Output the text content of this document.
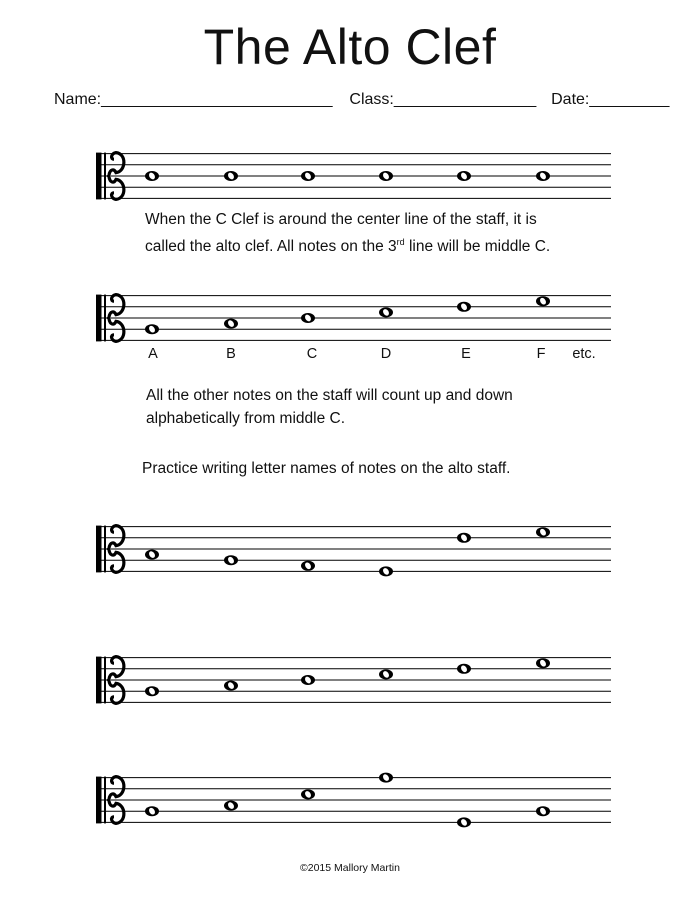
The Alto Clef
Name:__________________________ Class:________________ Date:_________
When the C Clef is around the center line of the staff, it is
called the alto clef. All notes on the 3rd line will be middle C.
A	B	C	D	E	F etc.
All the other notes on the staff will count up and down
alphabetically from middle C.
Practice writing letter names of notes on the alto staff.
©2015 Mallory Martin
